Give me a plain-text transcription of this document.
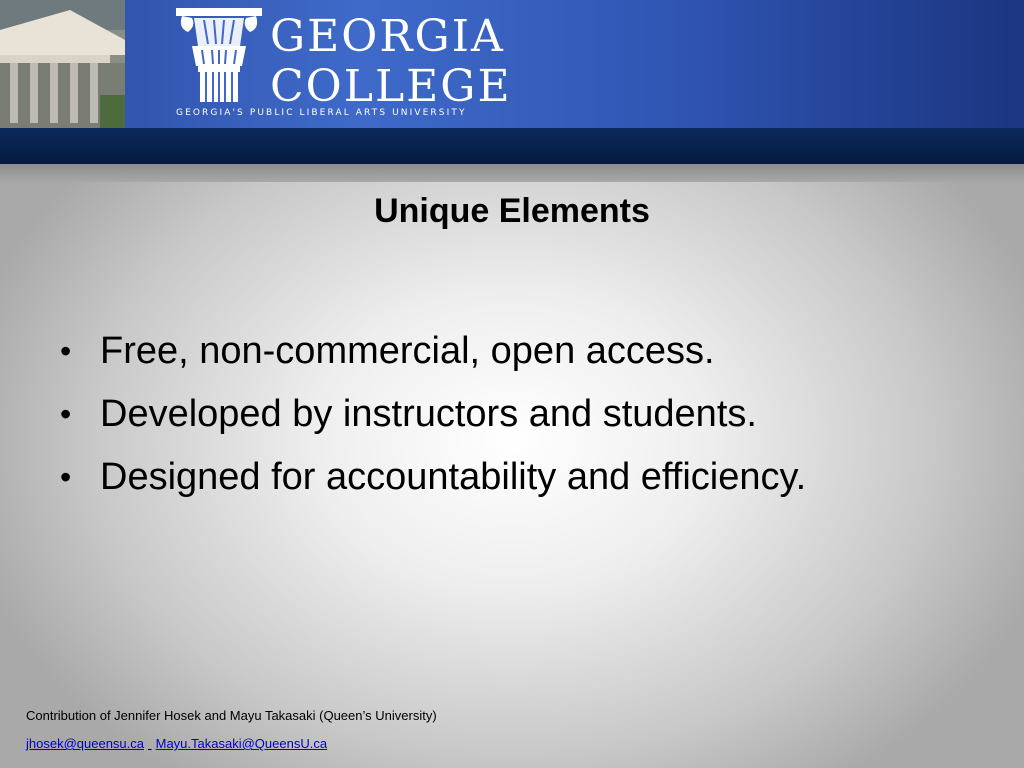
GEORGIA
COLLEGE
GEORGIA'S PUBLIC LIBERAL ARTS UNIVERSITY
Unique Elements
• Free, non-commercial, open access.
• Developed by instructors and students.
• Designed for accountability and efficiency.
Contribution of Jennifer Hosek and Mayu Takasaki (Queen’s University)
jhosek@queensu.ca Mayu.Takasaki@QueensU.ca
